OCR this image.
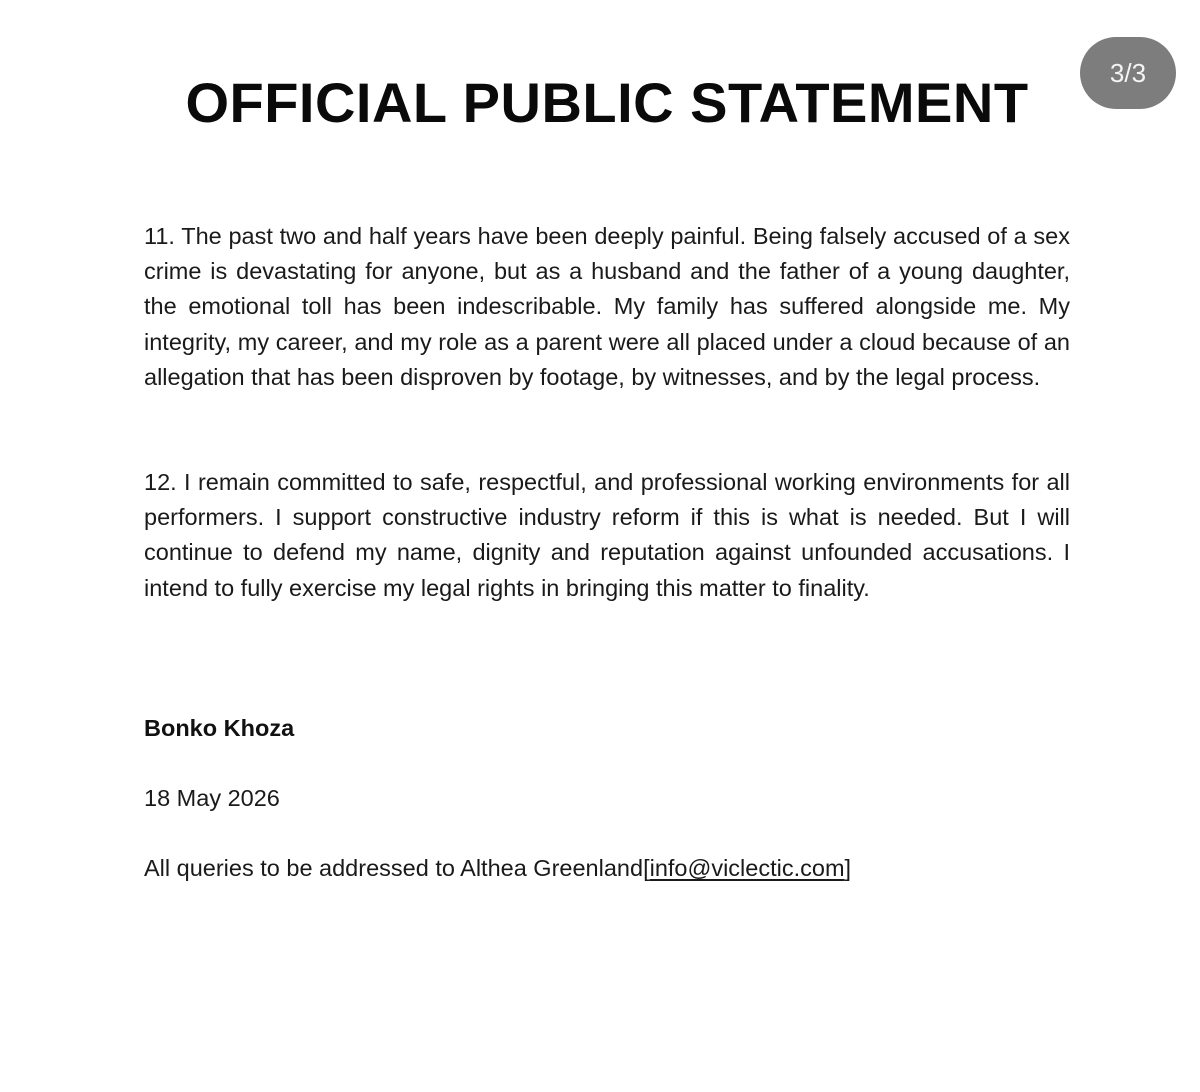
3/3
OFFICIAL PUBLIC STATEMENT

11. The past two and half years have been deeply painful. Being falsely accused of a sex crime is devastating for anyone, but as a husband and the father of a young daughter, the emotional toll has been indescribable. My family has suffered alongside me. My integrity, my career, and my role as a parent were all placed under a cloud because of an allegation that has been disproven by footage, by witnesses, and by the legal process.

12. I remain committed to safe, respectful, and professional working environments for all performers. I support constructive industry reform if this is what is needed. But I will continue to defend my name, dignity and reputation against unfounded accusations. I intend to fully exercise my legal rights in bringing this matter to finality.

Bonko Khoza

18 May 2026

All queries to be addressed to Althea Greenland[info@viclectic.com]
